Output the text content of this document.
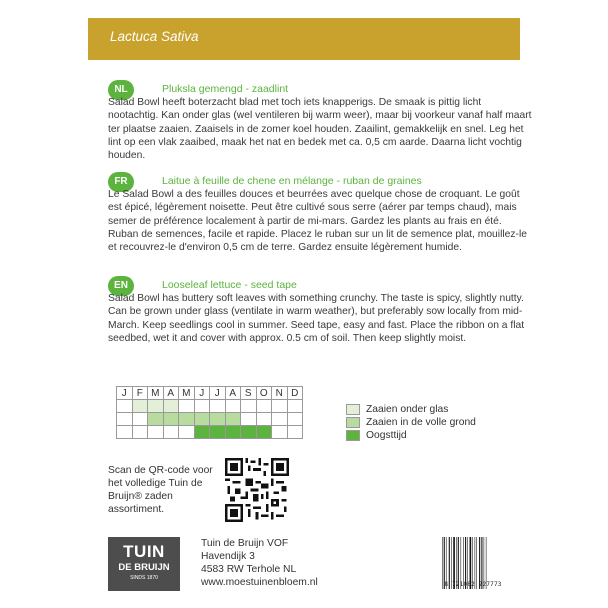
Lactuca Sativa
NL	Pluksla gemengd - zaadlint
Salad Bowl heeft boterzacht blad met toch iets knapperigs. De smaak is pittig licht nootachtig. Kan onder glas (wel ventileren bij warm weer), maar bij voorkeur vanaf half maart ter plaatse zaaien. Zaaisels in de zomer koel houden. Zaailint, gemakkelijk en snel. Leg het lint op een vlak zaaibed, maak het nat en bedek met ca. 0,5 cm aarde. Daarna licht vochtig houden.
FR	Laitue à feuille de chene en mélange - ruban de graines
Le Salad Bowl a des feuilles douces et beurrées avec quelque chose de croquant. Le goût est épicé, légèrement noisette. Peut être cultivé sous serre (aérer par temps chaud), mais semer de préférence localement à partir de mi-mars. Gardez les plants au frais en été. Ruban de semences, facile et rapide. Placez le ruban sur un lit de semence plat, mouillez-le et recouvrez-le d'environ 0,5 cm de terre. Gardez ensuite légèrement humide.
EN	Looseleaf lettuce - seed tape
Salad Bowl has buttery soft leaves with something crunchy. The taste is spicy, slightly nutty. Can be grown under glass (ventilate in warm weather), but preferably sow locally from mid-March. Keep seedlings cool in summer. Seed tape, easy and fast. Place the ribbon on a flat seedbed, wet it and cover with approx. 0.5 cm of soil. Then keep slightly moist.
J	F	M	A	M	J	J	A	S	O	N	D

Zaaien onder glas
Zaaien in de volle grond
Oogsttijd
Scan de QR-code voor het volledige Tuin de Bruijn® zaden assortiment.
TUIN
DE BRUIJN
SINDS 1870
Tuin de Bruijn VOF
Havendijk 3
4583 RW Terhole NL
www.moestuinenbloem.nl	8 721082 227773
